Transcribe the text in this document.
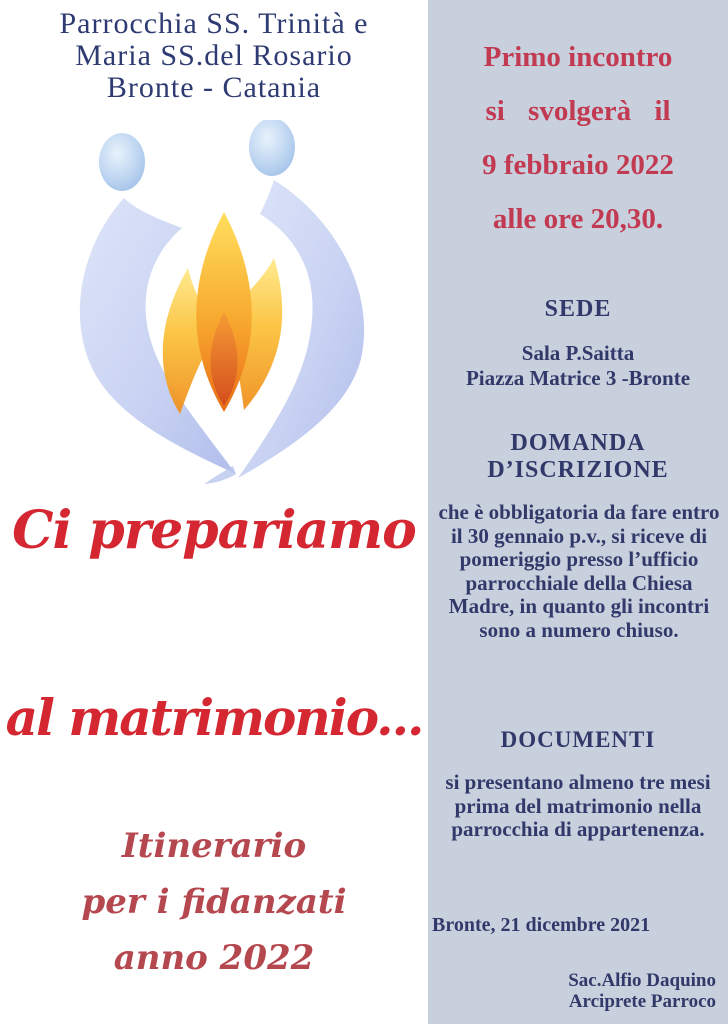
Parrocchia SS. Trinità e
Maria SS.del Rosario
Bronte - Catania
Ci prepariamo
al matrimonio...
Itinerario
per i fidanzati
anno 2022
Primo incontro
si svolgerà il
9 febbraio 2022
alle ore 20,30.
SEDE
Sala P.Saitta
Piazza Matrice 3 -Bronte
DOMANDA
D’ISCRIZIONE
che è obbligatoria da fare entro il 30 gennaio p.v., si riceve di pomeriggio presso l’ufficio parrocchiale della Chiesa Madre, in quanto gli incontri sono a numero chiuso.
DOCUMENTI
si presentano almeno tre mesi prima del matrimonio nella parrocchia di appartenenza.
Bronte, 21 dicembre 2021
Sac.Alfio Daquino
Arciprete Parroco
